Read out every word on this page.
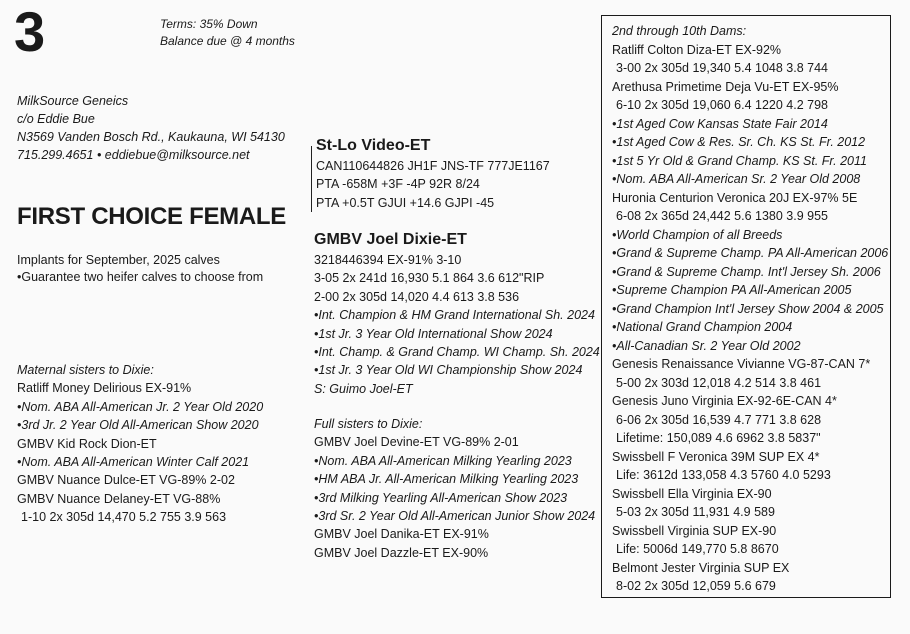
3	Terms: 35% Down
Balance due @ 4 months
MilkSource Geneics
c/o Eddie Bue
N3569 Vanden Bosch Rd., Kaukauna, WI 54130
715.299.4651 • eddiebue@milksource.net
FIRST CHOICE FEMALE
Implants for September, 2025 calves
•Guarantee two heifer calves to choose from
Maternal sisters to Dixie:
Ratliff Money Delirious EX-91%
•Nom. ABA All-American Jr. 2 Year Old 2020
•3rd Jr. 2 Year Old All-American Show 2020
GMBV Kid Rock Dion-ET
•Nom. ABA All-American Winter Calf 2021
GMBV Nuance Dulce-ET VG-89% 2-02
GMBV Nuance Delaney-ET VG-88%
1-10 2x 305d 14,470 5.2 755 3.9 563
St-Lo Video-ET
CAN110644826 JH1F JNS-TF 777JE1167
PTA -658M +3F -4P 92R 8/24
PTA +0.5T GJUI +14.6 GJPI -45
GMBV Joel Dixie-ET
3218446394 EX-91% 3-10
3-05 2x 241d 16,930 5.1 864 3.6 612"RIP
2-00 2x 305d 14,020 4.4 613 3.8 536
•Int. Champion & HM Grand International Sh. 2024
•1st Jr. 3 Year Old International Show 2024
•Int. Champ. & Grand Champ. WI Champ. Sh. 2024
•1st Jr. 3 Year Old WI Championship Show 2024
S: Guimo Joel-ET
Full sisters to Dixie:
GMBV Joel Devine-ET VG-89% 2-01
•Nom. ABA All-American Milking Yearling 2023
•HM ABA Jr. All-American Milking Yearling 2023
•3rd Milking Yearling All-American Show 2023
•3rd Sr. 2 Year Old All-American Junior Show 2024
GMBV Joel Danika-ET EX-91%
GMBV Joel Dazzle-ET EX-90%
2nd through 10th Dams:
Ratliff Colton Diza-ET EX-92%
3-00 2x 305d 19,340 5.4 1048 3.8 744
Arethusa Primetime Deja Vu-ET EX-95%
6-10 2x 305d 19,060 6.4 1220 4.2 798
•1st Aged Cow Kansas State Fair 2014
•1st Aged Cow & Res. Sr. Ch. KS St. Fr. 2012
•1st 5 Yr Old & Grand Champ. KS St. Fr. 2011
•Nom. ABA All-American Sr. 2 Year Old 2008
Huronia Centurion Veronica 20J EX-97% 5E
6-08 2x 365d 24,442 5.6 1380 3.9 955
•World Champion of all Breeds
•Grand & Supreme Champ. PA All-American 2006
•Grand & Supreme Champ. Int'l Jersey Sh. 2006
•Supreme Champion PA All-American 2005
•Grand Champion Int'l Jersey Show 2004 & 2005
•National Grand Champion 2004
•All-Canadian Sr. 2 Year Old 2002
Genesis Renaissance Vivianne VG-87-CAN 7*
5-00 2x 303d 12,018 4.2 514 3.8 461
Genesis Juno Virginia EX-92-6E-CAN 4*
6-06 2x 305d 16,539 4.7 771 3.8 628
Lifetime: 150,089 4.6 6962 3.8 5837"
Swissbell F Veronica 39M SUP EX 4*
Life: 3612d 133,058 4.3 5760 4.0 5293
Swissbell Ella Virginia EX-90
5-03 2x 305d 11,931 4.9 589
Swissbell Virginia SUP EX-90
Life: 5006d 149,770 5.8 8670
Belmont Jester Virginia SUP EX
8-02 2x 305d 12,059 5.6 679
